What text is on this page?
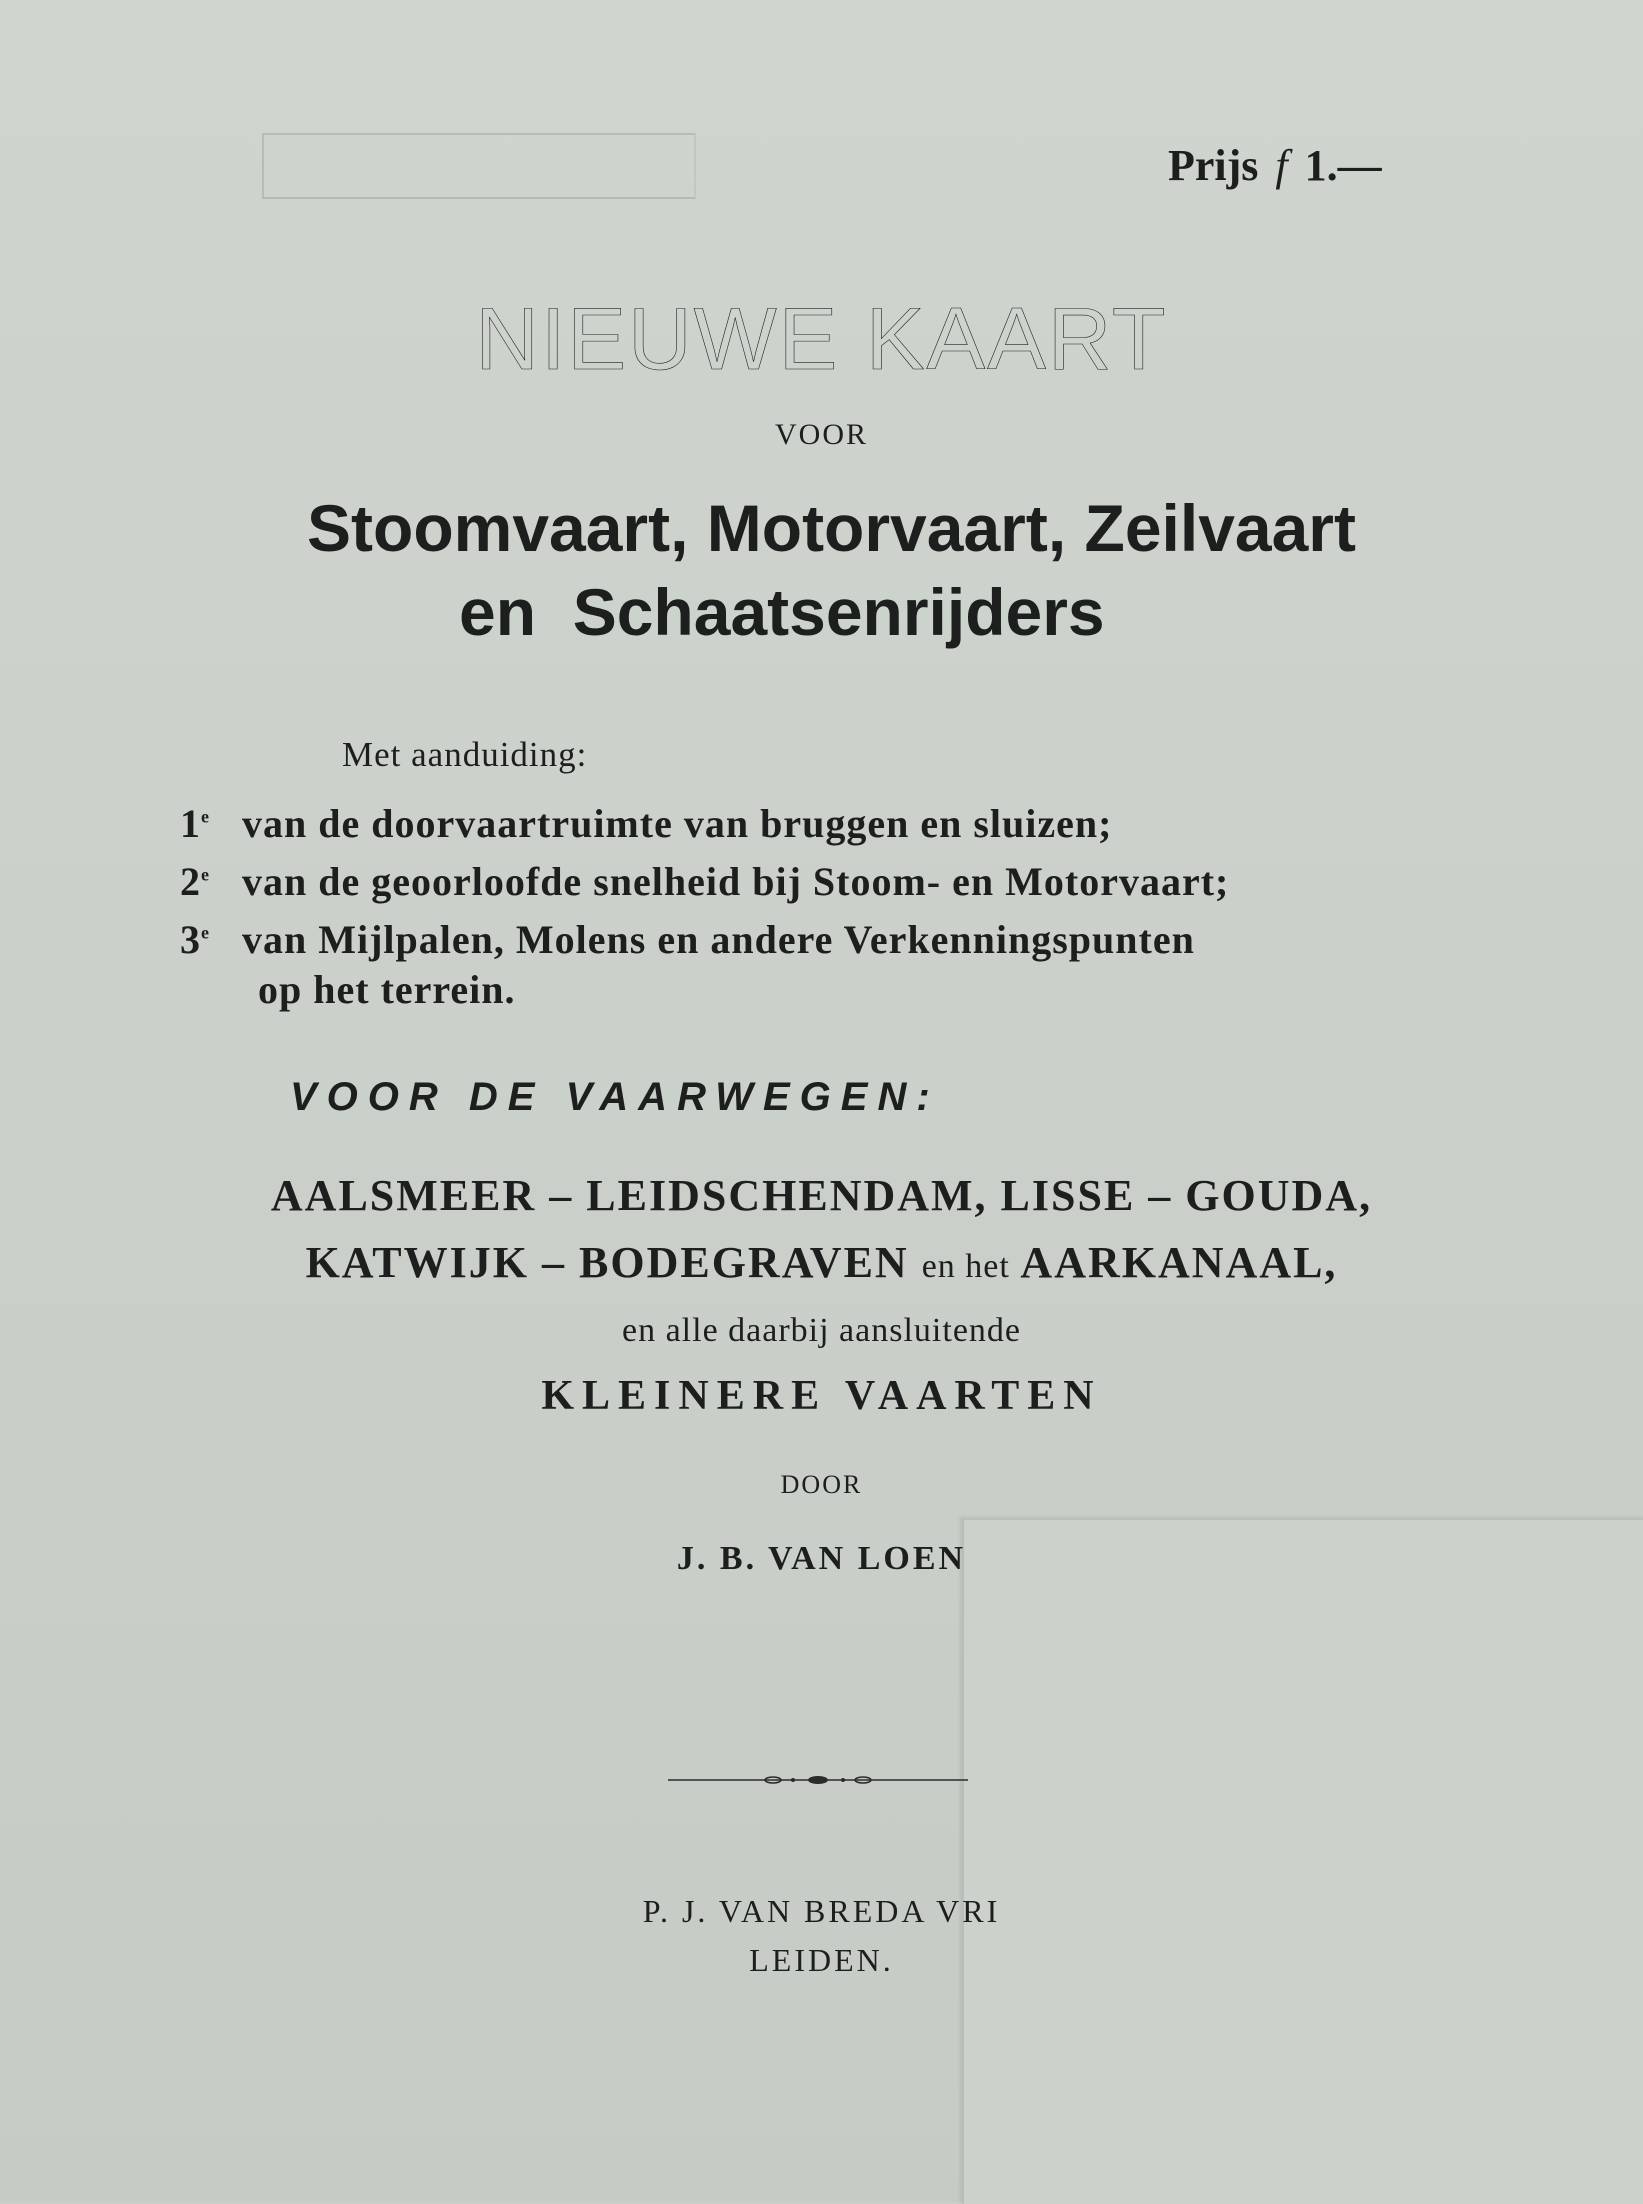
Prijs f 1.—
NIEUWE KAART
VOOR
Stoomvaart, Motorvaart, Zeilvaart
en  Schaatsenrijders
Met aanduiding:
1e van de doorvaartruimte van bruggen en sluizen;
2e van de geoorloofde snelheid bij Stoom- en Motorvaart;
3e van Mijlpalen, Molens en andere Verkenningspunten
op het terrein.
VOOR DE VAARWEGEN:
AALSMEER – LEIDSCHENDAM, LISSE – GOUDA,
KATWIJK – BODEGRAVEN en het AARKANAAL,
en alle daarbij aansluitende
KLEINERE VAARTEN
DOOR
J. B. VAN LOEN
P. J. VAN BREDA VRI
LEIDEN.
